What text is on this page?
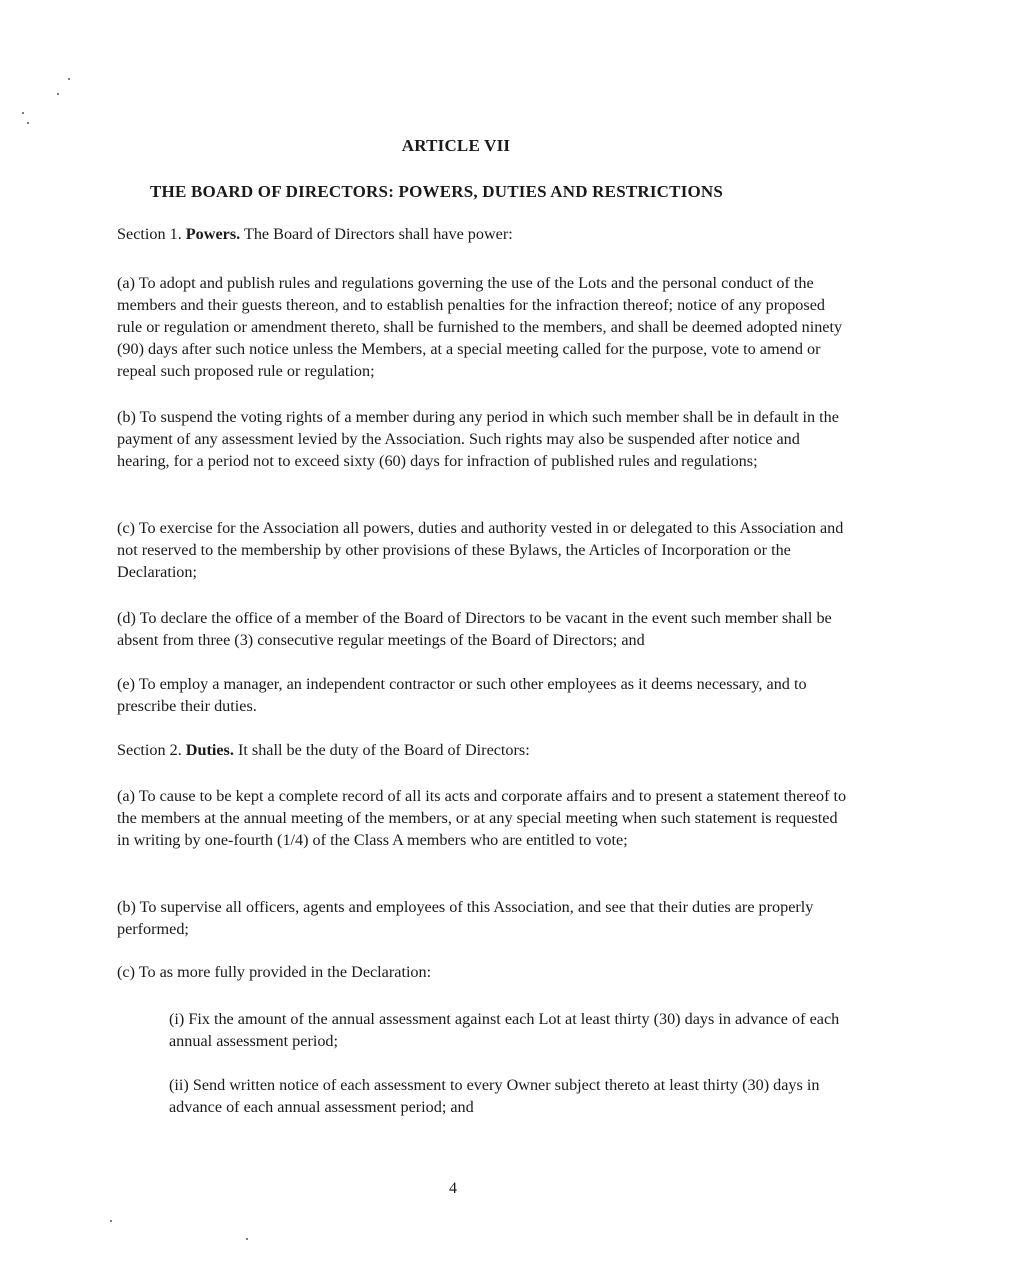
ARTICLE VII
THE BOARD OF DIRECTORS: POWERS, DUTIES AND RESTRICTIONS
Section 1. Powers. The Board of Directors shall have power:
(a) To adopt and publish rules and regulations governing the use of the Lots and the personal conduct of the members and their guests thereon, and to establish penalties for the infraction thereof; notice of any proposed rule or regulation or amendment thereto, shall be furnished to the members, and shall be deemed adopted ninety (90) days after such notice unless the Members, at a special meeting called for the purpose, vote to amend or repeal such proposed rule or regulation;
(b) To suspend the voting rights of a member during any period in which such member shall be in default in the payment of any assessment levied by the Association. Such rights may also be suspended after notice and hearing, for a period not to exceed sixty (60) days for infraction of published rules and regulations;
(c) To exercise for the Association all powers, duties and authority vested in or delegated to this Association and not reserved to the membership by other provisions of these Bylaws, the Articles of Incorporation or the Declaration;
(d) To declare the office of a member of the Board of Directors to be vacant in the event such member shall be absent from three (3) consecutive regular meetings of the Board of Directors; and
(e) To employ a manager, an independent contractor or such other employees as it deems necessary, and to prescribe their duties.
Section 2. Duties. It shall be the duty of the Board of Directors:
(a) To cause to be kept a complete record of all its acts and corporate affairs and to present a statement thereof to the members at the annual meeting of the members, or at any special meeting when such statement is requested in writing by one-fourth (1/4) of the Class A members who are entitled to vote;
(b) To supervise all officers, agents and employees of this Association, and see that their duties are properly performed;
(c) To as more fully provided in the Declaration:
(i) Fix the amount of the annual assessment against each Lot at least thirty (30) days in advance of each annual assessment period;
(ii) Send written notice of each assessment to every Owner subject thereto at least thirty (30) days in advance of each annual assessment period; and
4
